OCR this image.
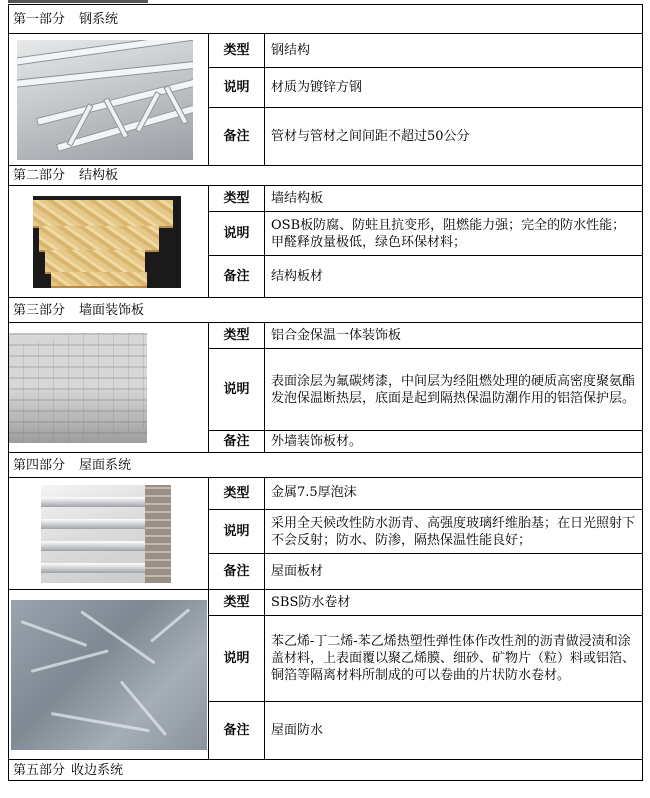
第一部分 钢系统		

	类型	钢结构
	说明	材质为镀锌方钢
	备注	管材与管材之间间距不超过50公分
第二部分 结构板		

	类型	墙结构板
	说明	OSB板防腐、防蛀且抗变形，阻燃能力强；完全的防水性能；甲醛释放量极低，绿色环保材料；
	备注	结构板材
第三部分 墙面装饰板		

	类型	铝合金保温一体装饰板
	说明	表面涂层为氟碳烤漆，中间层为经阻燃处理的硬质高密度聚氨酯发泡保温断热层，底面是起到隔热保温防潮作用的铝箔保护层。
	备注	外墙装饰板材。
第四部分 屋面系统		

	类型	金属7.5厚泡沫
	说明	采用全天候改性防水沥青、高强度玻璃纤维胎基；在日光照射下不会反射；防水、防渗，隔热保温性能良好；
	备注	屋面板材

	类型	SBS防水卷材
	说明	苯乙烯-丁二烯-苯乙烯热塑性弹性体作改性剂的沥青做浸渍和涂盖材料，上表面覆以聚乙烯膜、细砂、矿物片（粒）料或铝箔、铜箔等隔离材料所制成的可以卷曲的片状防水卷材。
	备注	屋面防水
第五部分 收边系统		
